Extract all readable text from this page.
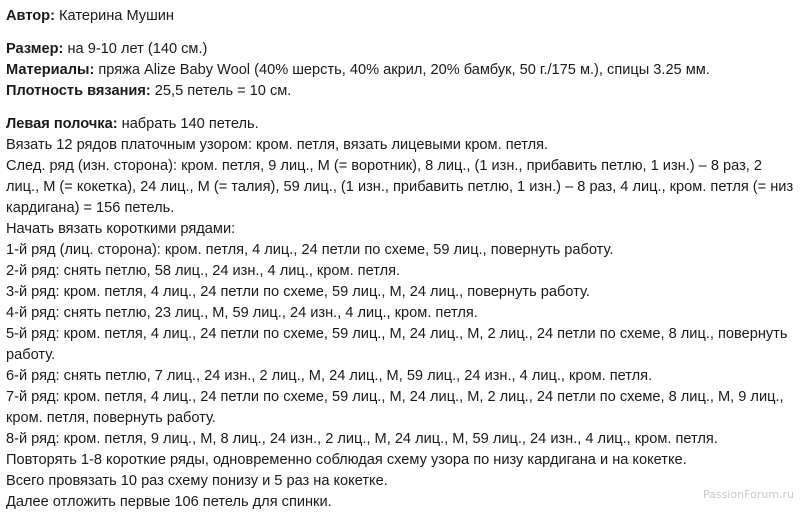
Автор: Катерина Мушин

Размер: на 9-10 лет (140 см.)

Материалы: пряжа Alize Baby Wool (40% шерсть, 40% акрил, 20% бамбук, 50 г./175 м.), спицы 3.25 мм.

Плотность вязания: 25,5 петель = 10 см.

Левая полочка: набрать 140 петель.

Вязать 12 рядов платочным узором: кром. петля, вязать лицевыми кром. петля.

След. ряд (изн. сторона): кром. петля, 9 лиц., М (= воротник), 8 лиц., (1 изн., прибавить петлю, 1 изн.) – 8 раз, 2 лиц., М (= кокетка), 24 лиц., М (= талия), 59 лиц., (1 изн., прибавить петлю, 1 изн.) – 8 раз, 4 лиц., кром. петля (= низ кардигана) = 156 петель.

Начать вязать короткими рядами:

1-й ряд (лиц. сторона): кром. петля, 4 лиц., 24 петли по схеме, 59 лиц., повернуть работу.

2-й ряд: снять петлю, 58 лиц., 24 изн., 4 лиц., кром. петля.

3-й ряд: кром. петля, 4 лиц., 24 петли по схеме, 59 лиц., М, 24 лиц., повернуть работу.

4-й ряд: снять петлю, 23 лиц., М, 59 лиц., 24 изн., 4 лиц., кром. петля.

5-й ряд: кром. петля, 4 лиц., 24 петли по схеме, 59 лиц., М, 24 лиц., М, 2 лиц., 24 петли по схеме, 8 лиц., повернуть работу.

6-й ряд: снять петлю, 7 лиц., 24 изн., 2 лиц., М, 24 лиц., М, 59 лиц., 24 изн., 4 лиц., кром. петля.

7-й ряд: кром. петля, 4 лиц., 24 петли по схеме, 59 лиц., М, 24 лиц., М, 2 лиц., 24 петли по схеме, 8 лиц., М, 9 лиц., кром. петля, повернуть работу.

8-й ряд: кром. петля, 9 лиц., М, 8 лиц., 24 изн., 2 лиц., М, 24 лиц., М, 59 лиц., 24 изн., 4 лиц., кром. петля.

Повторять 1-8 короткие ряды, одновременно соблюдая схему узора по низу кардигана и на кокетке.

Всего провязать 10 раз схему понизу и 5 раз на кокетке.

Далее отложить первые 106 петель для спинки.	PassionForum.ru
